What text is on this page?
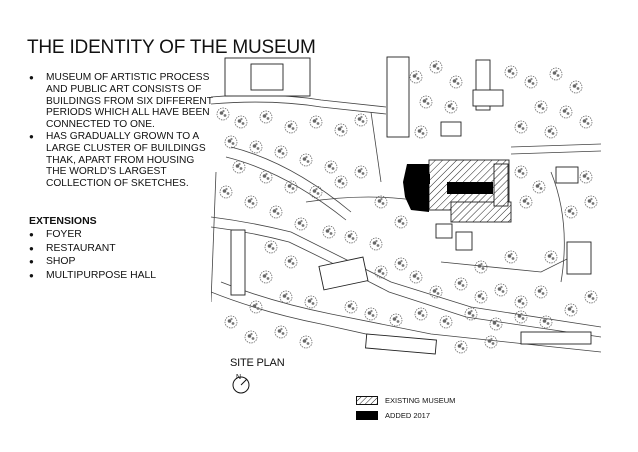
THE IDENTITY OF THE MUSEUM
● MUSEUM OF ARTISTIC PROCESS AND PUBLIC ART CONSISTS OF BUILDINGS FROM SIX DIFFERENT PERIODS WHICH ALL HAVE BEEN CONNECTED TO ONE.
● HAS GRADUALLY GROWN TO A LARGE CLUSTER OF BUILDINGS THAK, APART FROM HOUSING THE WORLD’S LARGEST COLLECTION OF SKETCHES.
EXTENSIONS
● FOYER
● RESTAURANT
● SHOP
● MULTIPURPOSE HALL
SITE PLAN
N
EXISTING MUSEUM
ADDED 2017
